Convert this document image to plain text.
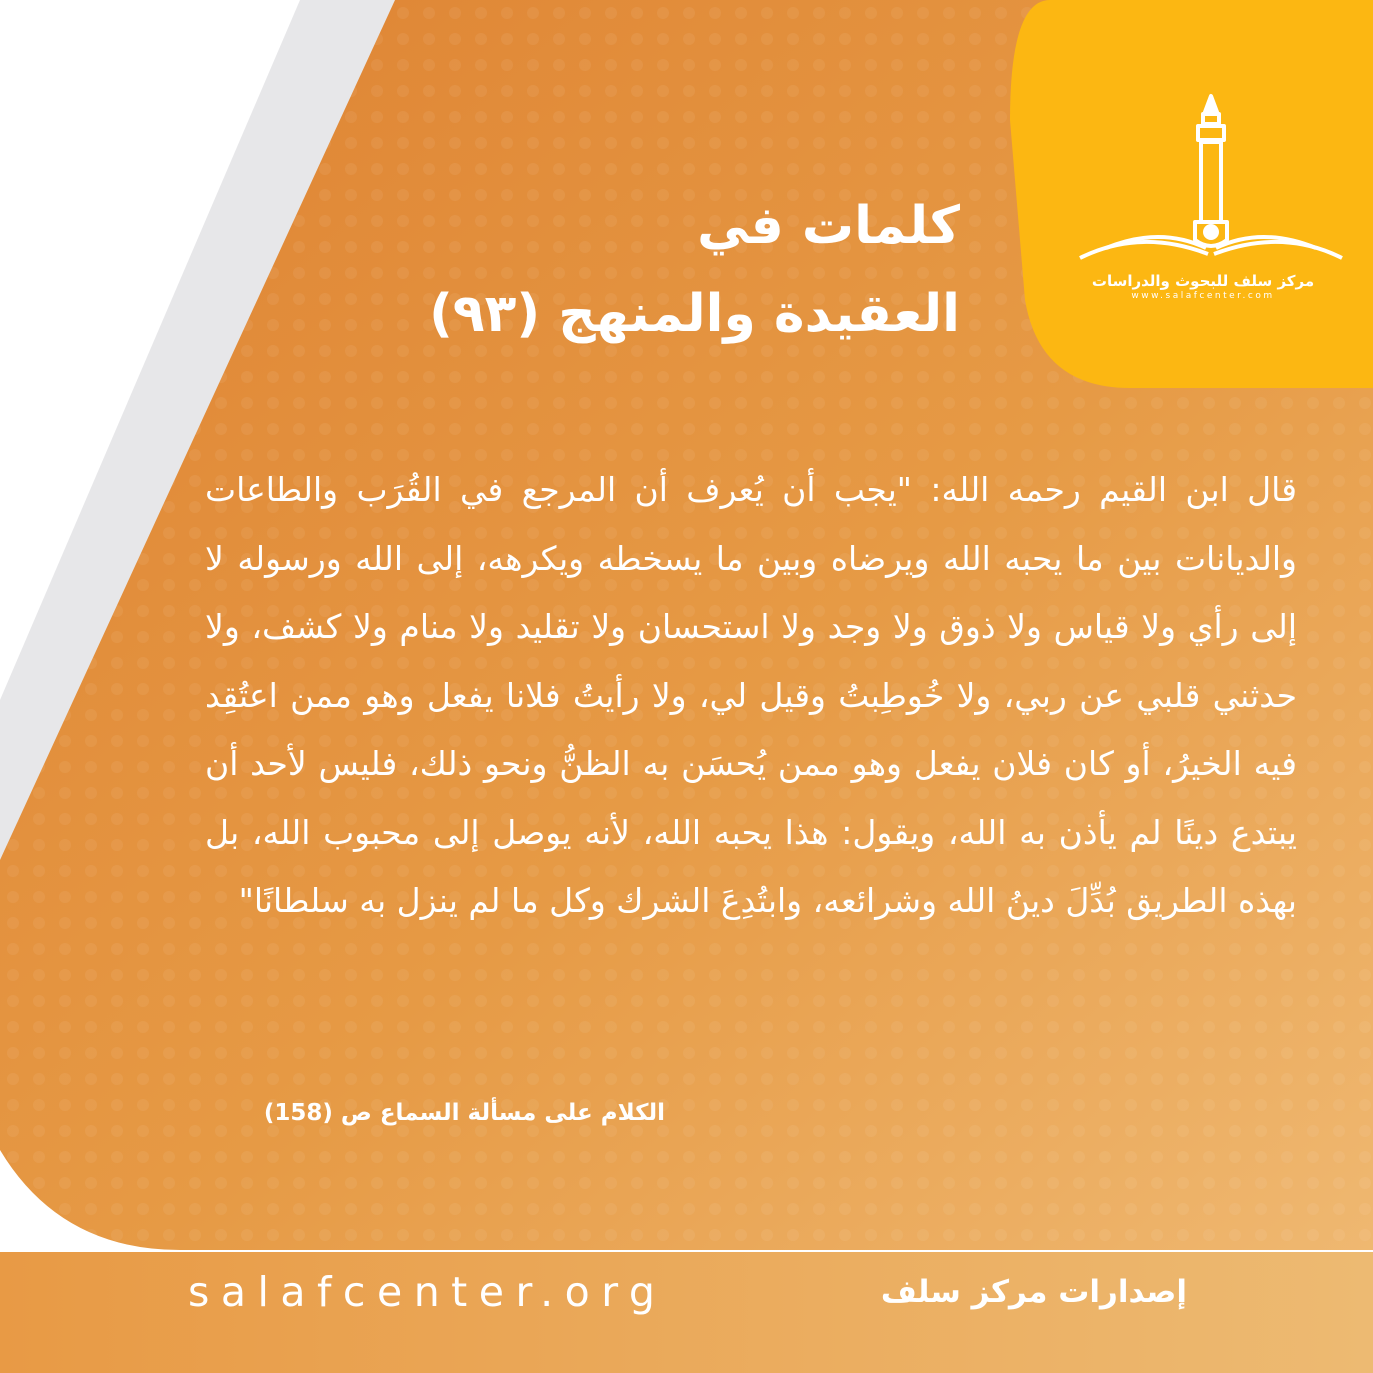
مركز سلف للبحوث والدراسات
www.salafcenter.com
كلمات في
العقيدة والمنهج (٩٣)
قال ابن القيم رحمه الله: "يجب أن يُعرف أن المرجع في القُرَب والطاعات والديانات بين ما يحبه الله ويرضاه وبين ما يسخطه ويكرهه، إلى الله ورسوله لا إلى رأي ولا قياس ولا ذوق ولا وجد ولا استحسان ولا تقليد ولا منام ولا كشف، ولا حدثني قلبي عن ربي، ولا خُوطِبتُ وقيل لي، ولا رأيتُ فلانا يفعل وهو ممن اعتُقِد فيه الخيرُ، أو كان فلان يفعل وهو ممن يُحسَن به الظنُّ ونحو ذلك، فليس لأحد أن يبتدع دينًا لم يأذن به الله، ويقول: هذا يحبه الله، لأنه يوصل إلى محبوب الله، بل بهذه الطريق بُدِّلَ دينُ الله وشرائعه، وابتُدِعَ الشرك وكل ما لم ينزل به سلطانًا"
الكلام على مسألة السماع ص (158)
salafcenter.org	إصدارات مركز سلف
